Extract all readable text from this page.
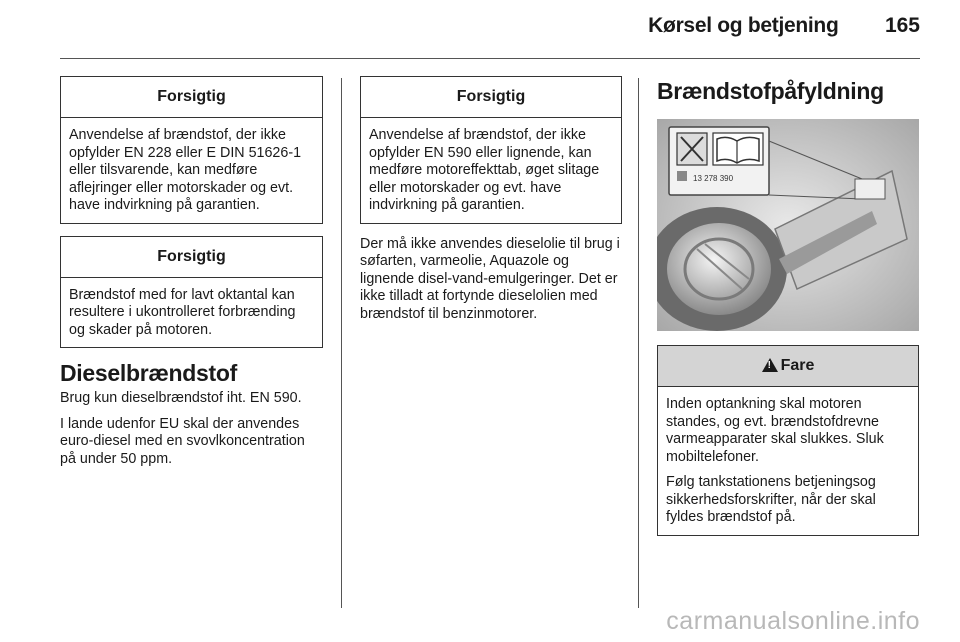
Kørsel og betjening 165
Forsigtig

Anvendelse af brændstof, der ikke opfylder EN 228 eller E DIN 51626-1 eller tilsvarende, kan medføre aflejringer eller motorskader og evt. have indvirkning på garantien.

Forsigtig

Brændstof med for lavt oktantal kan resultere i ukontrolleret forbrænding og skader på motoren.

Dieselbrændstof

Brug kun dieselbrændstof iht. EN 590.

I lande udenfor EU skal der anvendes euro-diesel med en svovlkoncentration på under 50 ppm.

Forsigtig

Anvendelse af brændstof, der ikke opfylder EN 590 eller lignende, kan medføre motoreffekttab, øget slitage eller motorskader og evt. have indvirkning på garantien.

Der må ikke anvendes dieselolie til brug i søfarten, varmeolie, Aquazole og lignende disel-vand-emulgeringer. Det er ikke tilladt at fortynde dieselolien med brændstof til benzinmotorer.

Brændstofpåfyldning
13 278 390
! Fare

Inden optankning skal motoren standes, og evt. brændstofdrevne varmeapparater skal slukkes. Sluk mobiltelefoner.

Følg tankstationens betjeningsog sikkerhedsforskrifter, når der skal fyldes brændstof på.

carmanualsonline.info
